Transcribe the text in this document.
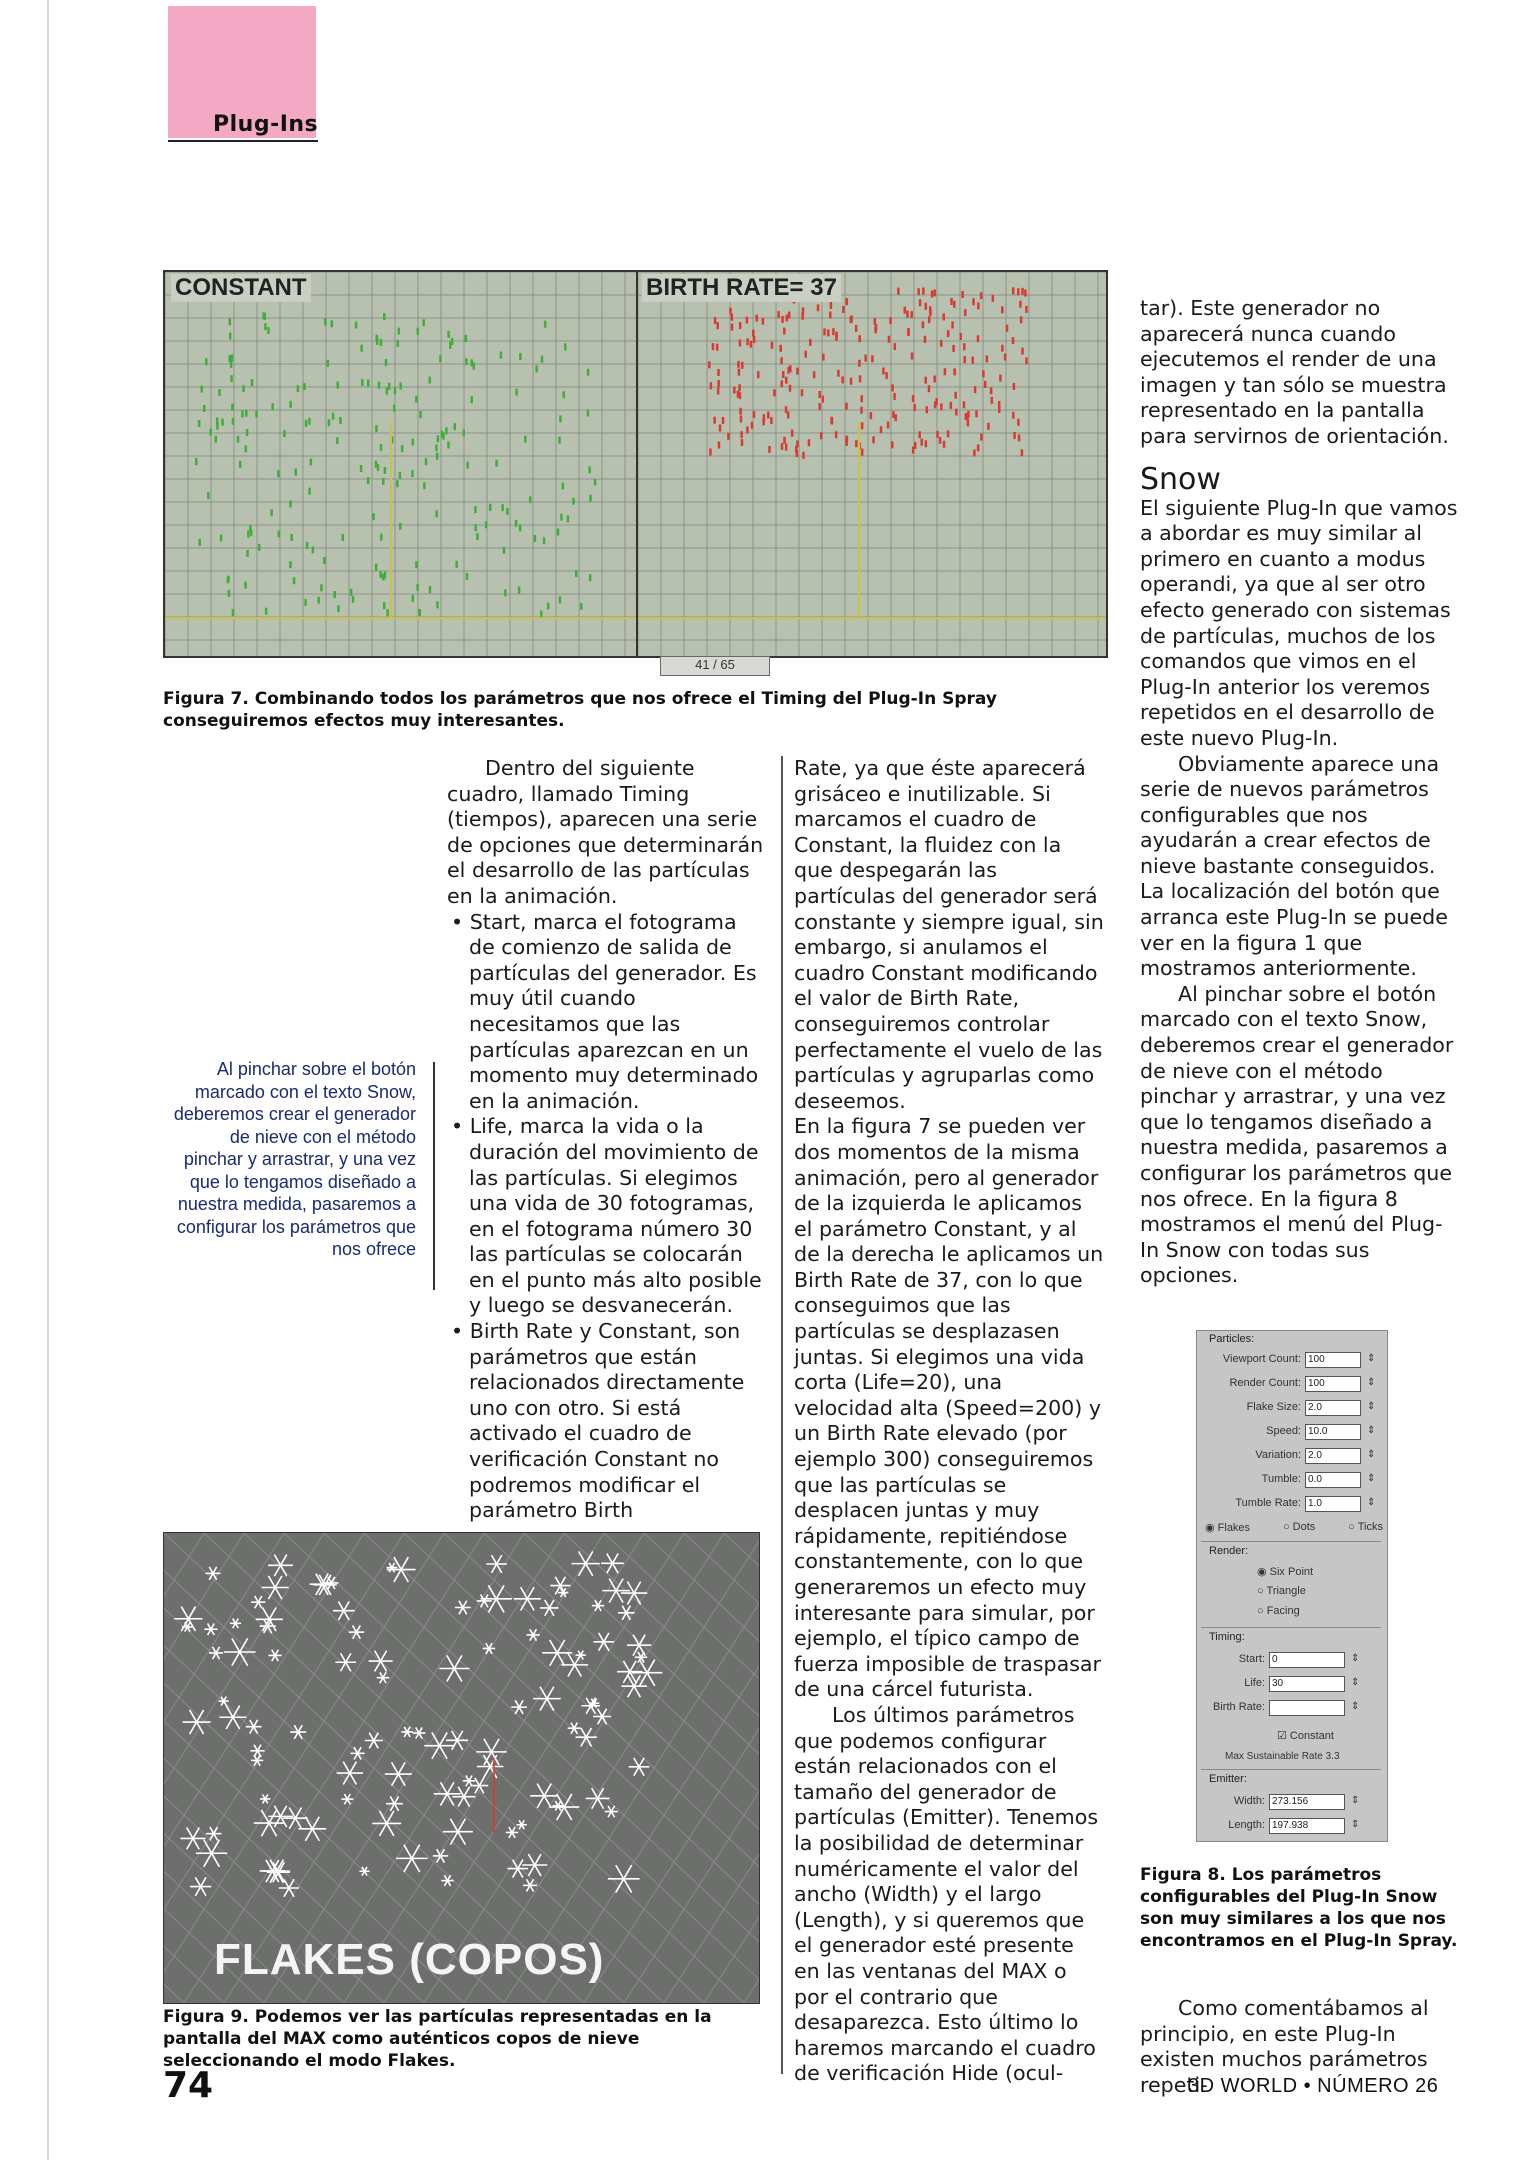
Plug-Ins
CONSTANT	BIRTH RATE= 37
41 / 65
Figura 7. Combinando todos los parámetros que nos ofrece el Timing del Plug-In Spray conseguiremos efectos muy interesantes.
Al pinchar sobre el botón marcado con el texto Snow, deberemos crear el generador de nieve con el método pinchar y arrastrar, y una vez que lo tengamos diseñado a nuestra medida, pasaremos a configurar los parámetros que nos ofrece

Dentro del siguiente cuadro, llamado Timing (tiempos), aparecen una serie de opciones que determinarán el desarrollo de las partículas en la animación.

• Start, marca el fotograma de comienzo de salida de partículas del generador. Es muy útil cuando necesitamos que las partículas aparezcan en un momento muy determinado en la animación.

• Life, marca la vida o la duración del movimiento de las partículas. Si elegimos una vida de 30 fotogramas, en el fotograma número 30 las partículas se colocarán en el punto más alto posible y luego se desvanecerán.

• Birth Rate y Constant, son parámetros que están relacionados directamente uno con otro. Si está activado el cuadro de verificación Constant no podremos modificar el parámetro Birth

Rate, ya que éste aparecerá grisáceo e inutilizable. Si marcamos el cuadro de Constant, la fluidez con la que despegarán las partículas del generador será constante y siempre igual, sin embargo, si anulamos el cuadro Constant modificando el valor de Birth Rate, conseguiremos controlar perfectamente el vuelo de las partículas y agruparlas como deseemos.

En la figura 7 se pueden ver dos momentos de la misma animación, pero al generador de la izquierda le aplicamos el parámetro Constant, y al de la derecha le aplicamos un Birth Rate de 37, con lo que conseguimos que las partículas se desplazasen juntas. Si elegimos una vida corta (Life=20), una velocidad alta (Speed=200) y un Birth Rate elevado (por ejemplo 300) conseguiremos que las partículas se desplacen juntas y muy rápidamente, repitiéndose constantemente, con lo que generaremos un efecto muy interesante para simular, por ejemplo, el típico campo de fuerza imposible de traspasar de una cárcel futurista.

Los últimos parámetros que podemos configurar están relacionados con el tamaño del generador de partículas (Emitter). Tenemos la posibilidad de determinar numéricamente el valor del ancho (Width) y el largo (Length), y si queremos que el generador esté presente en las ventanas del MAX o por el contrario que desaparezca. Esto último lo haremos marcando el cuadro de verificación Hide (ocul-

FLAKES (COPOS)
Figura 9. Podemos ver las partículas representadas en la pantalla del MAX como auténticos copos de nieve seleccionando el modo Flakes.

tar). Este generador no aparecerá nunca cuando ejecutemos el render de una imagen y tan sólo se muestra representado en la pantalla para servirnos de orientación.

Snow

El siguiente Plug-In que vamos a abordar es muy similar al primero en cuanto a modus operandi, ya que al ser otro efecto generado con sistemas de partículas, muchos de los comandos que vimos en el Plug-In anterior los veremos repetidos en el desarrollo de este nuevo Plug-In.

Obviamente aparece una serie de nuevos parámetros configurables que nos ayudarán a crear efectos de nieve bastante conseguidos. La localización del botón que arranca este Plug-In se puede ver en la figura 1 que mostramos anteriormente.

Al pinchar sobre el botón marcado con el texto Snow, deberemos crear el generador de nieve con el método pinchar y arrastrar, y una vez que lo tengamos diseñado a nuestra medida, pasaremos a configurar los parámetros que nos ofrece. En la figura 8 mostramos el menú del Plug-In Snow con todas sus opciones.

Particles:
Viewport Count: 100	⇕
Render Count: 100	⇕
Flake Size: 2.0	⇕
Speed: 10.0	⇕
Variation: 2.0	⇕
Tumble: 0.0	⇕
Tumble Rate: 1.0	⇕
◉ Flakes	○ Dots	○ Ticks
Render:
◉ Six Point
○ Triangle
○ Facing
Timing:
Start: 0	⇕
Life: 30	⇕
Birth Rate:	⇕
☑ Constant
Max Sustainable Rate 3.3
Emitter:
Width: 273.156	⇕
Length: 197.938	⇕
Figura 8. Los parámetros configurables del Plug-In Snow son muy similares a los que nos encontramos en el Plug-In Spray.

Como comentábamos al principio, en este Plug-In existen muchos parámetros repeti-

74	3D WORLD • NÚMERO 26
